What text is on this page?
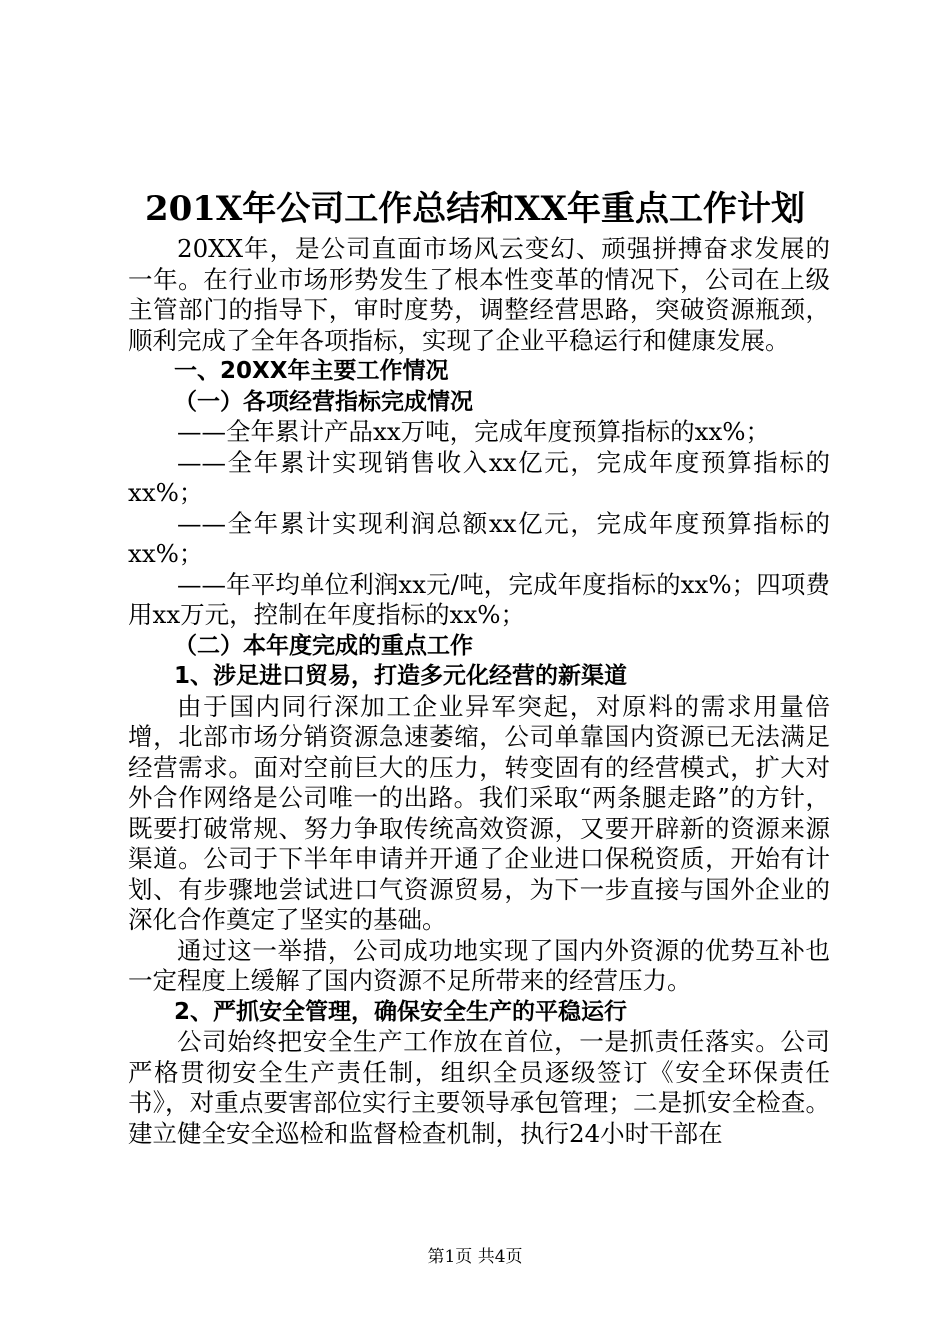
201X年公司工作总结和XX年重点工作计划

20XX年，是公司直面市场风云变幻、顽强拼搏奋求发展的一年。在行业市场形势发生了根本性变革的情况下，公司在上级主管部门的指导下，审时度势，调整经营思路，突破资源瓶颈，顺利完成了全年各项指标，实现了企业平稳运行和健康发展。

一、20XX年主要工作情况

（一）各项经营指标完成情况

——全年累计产品xx万吨，完成年度预算指标的xx%；

——全年累计实现销售收入xx亿元，完成年度预算指标的xx%；

——全年累计实现利润总额xx亿元，完成年度预算指标的xx%；

——年平均单位利润xx元/吨，完成年度指标的xx%；四项费用xx万元，控制在年度指标的xx%；

（二）本年度完成的重点工作

1、涉足进口贸易，打造多元化经营的新渠道

由于国内同行深加工企业异军突起，对原料的需求用量倍增，北部市场分销资源急速萎缩，公司单靠国内资源已无法满足经营需求。面对空前巨大的压力，转变固有的经营模式，扩大对外合作网络是公司唯一的出路。我们采取“两条腿走路”的方针，既要打破常规、努力争取传统高效资源，又要开辟新的资源来源渠道。公司于下半年申请并开通了企业进口保税资质，开始有计划、有步骤地尝试进口气资源贸易，为下一步直接与国外企业的深化合作奠定了坚实的基础。

通过这一举措，公司成功地实现了国内外资源的优势互补也一定程度上缓解了国内资源不足所带来的经营压力。

2、严抓安全管理，确保安全生产的平稳运行

公司始终把安全生产工作放在首位，一是抓责任落实。公司严格贯彻安全生产责任制，组织全员逐级签订《安全环保责任书》，对重点要害部位实行主要领导承包管理；二是抓安全检查。建立健全安全巡检和监督检查机制，执行24小时干部在

第1页 共4页
